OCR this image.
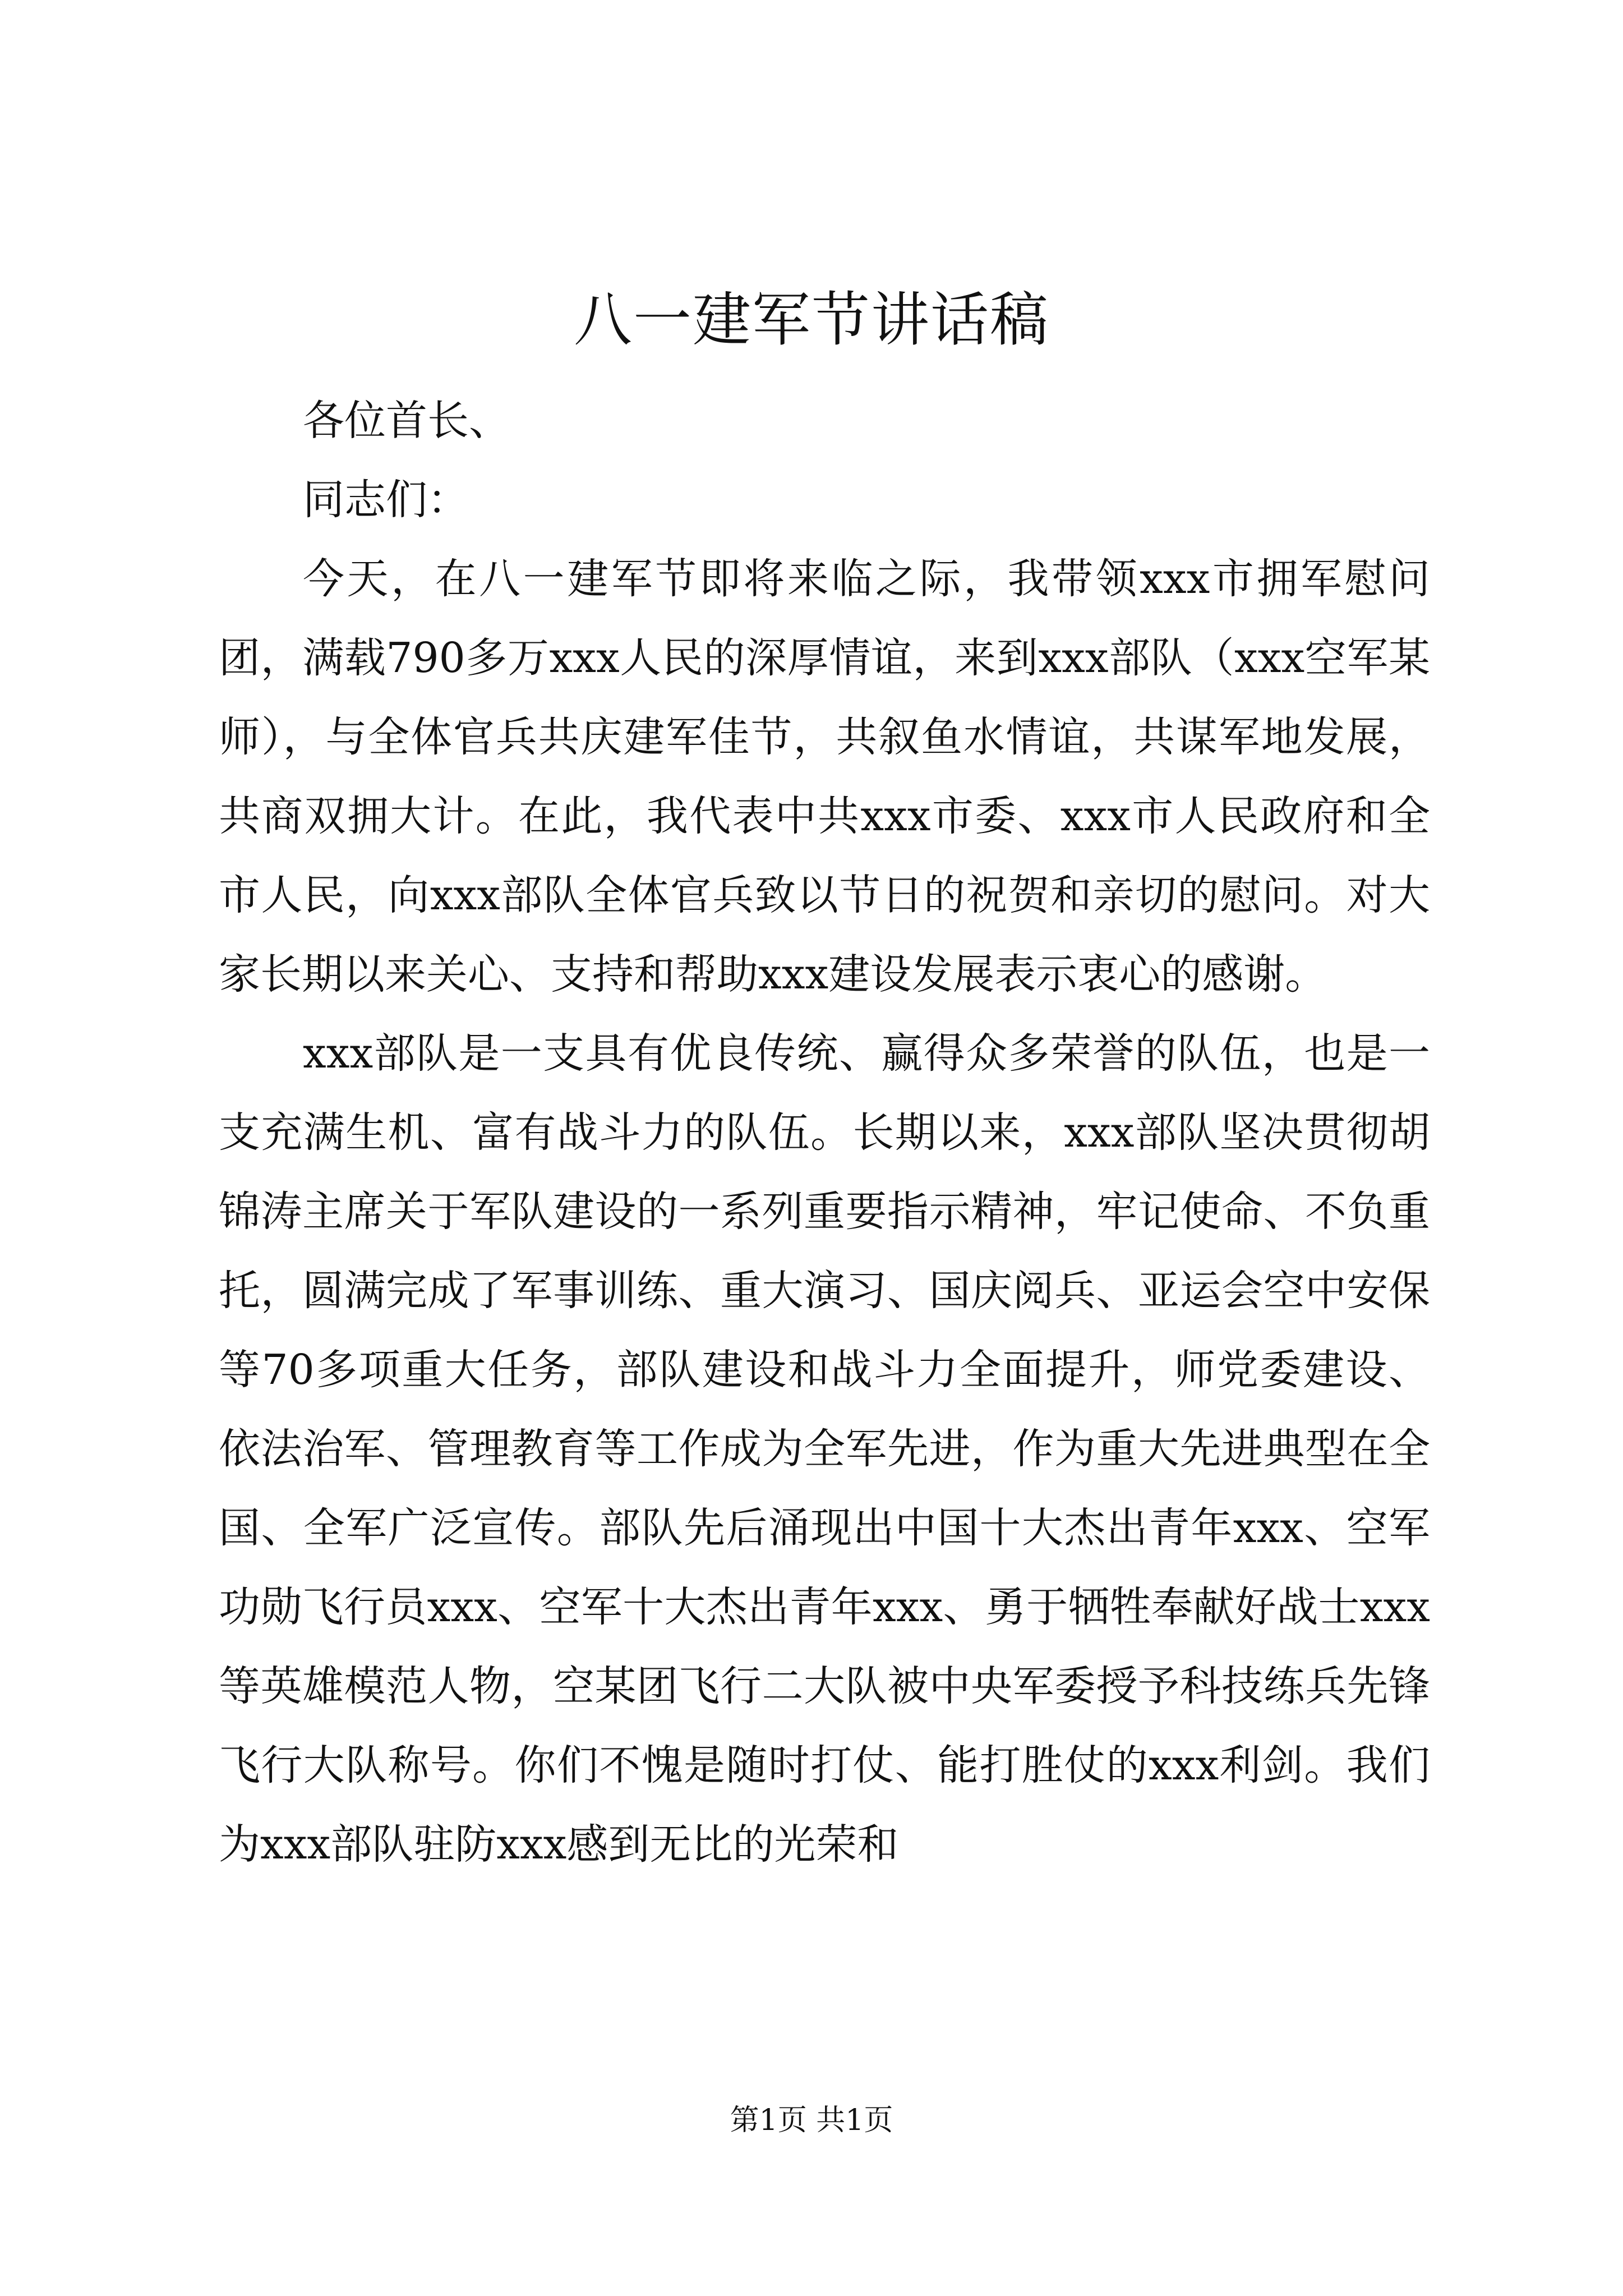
八一建军节讲话稿

各位首长、

同志们：

今天，在八一建军节即将来临之际，我带领xxx市拥军慰问团，满载790多万xxx人民的深厚情谊，来到xxx部队（xxx空军某师），与全体官兵共庆建军佳节，共叙鱼水情谊，共谋军地发展，共商双拥大计。在此，我代表中共xxx市委、xxx市人民政府和全市人民，向xxx部队全体官兵致以节日的祝贺和亲切的慰问。对大家长期以来关心、支持和帮助xxx建设发展表示衷心的感谢。

xxx部队是一支具有优良传统、赢得众多荣誉的队伍，也是一支充满生机、富有战斗力的队伍。长期以来，xxx部队坚决贯彻胡锦涛主席关于军队建设的一系列重要指示精神，牢记使命、不负重托，圆满完成了军事训练、重大演习、国庆阅兵、亚运会空中安保等70多项重大任务，部队建设和战斗力全面提升，师党委建设、依法治军、管理教育等工作成为全军先进，作为重大先进典型在全国、全军广泛宣传。部队先后涌现出中国十大杰出青年xxx、空军功勋飞行员xxx、空军十大杰出青年xxx、勇于牺牲奉献好战士xxx等英雄模范人物，空某团飞行二大队被中央军委授予科技练兵先锋飞行大队称号。你们不愧是随时打仗、能打胜仗的xxx利剑。我们为xxx部队驻防xxx感到无比的光荣和

第1页 共1页
